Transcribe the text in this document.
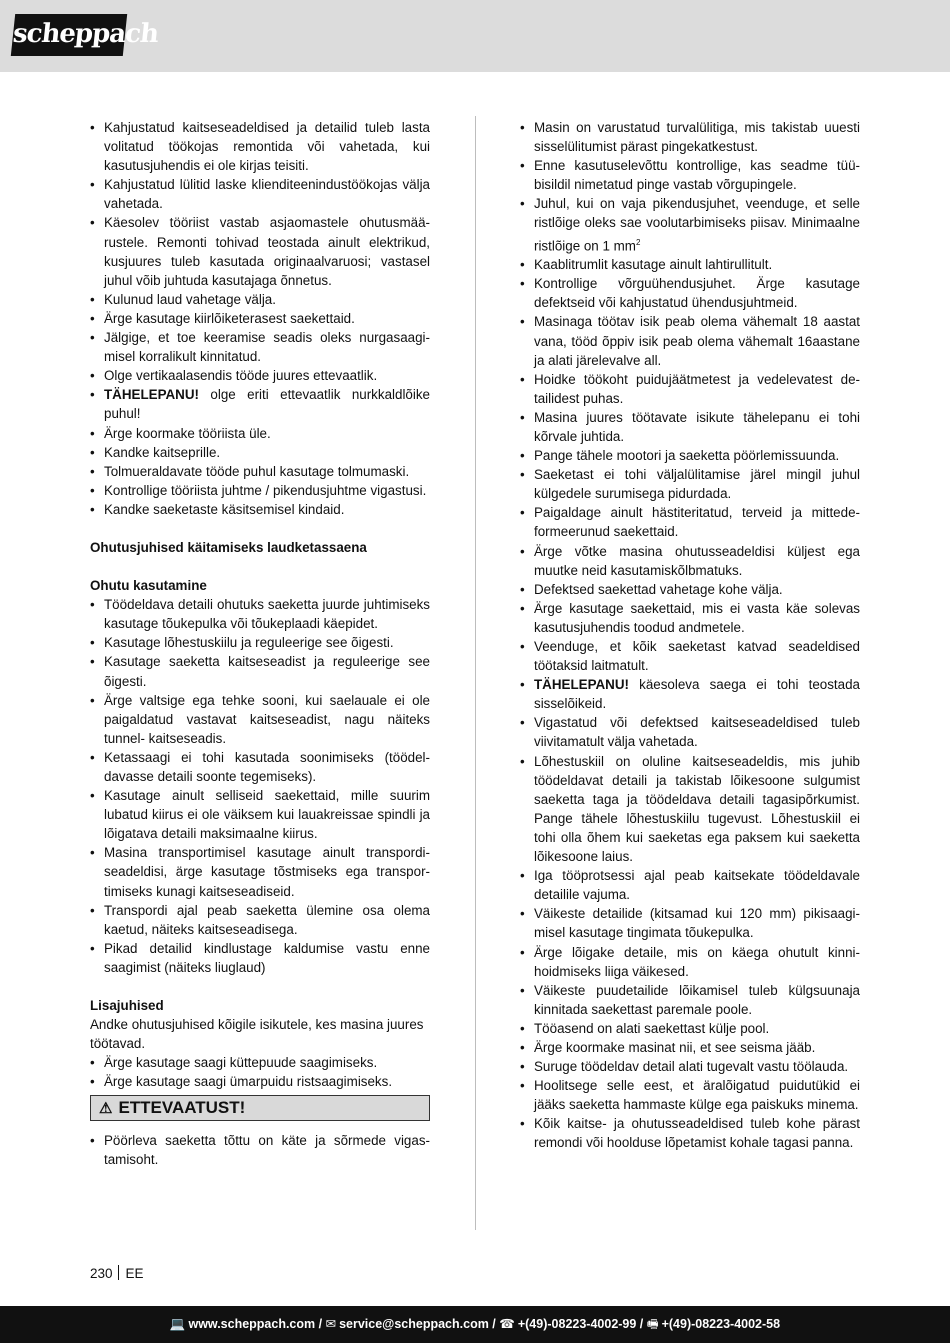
scheppach
• Kahjustatud kaitseseadeldised ja detailid tuleb lasta volitatud töökojas remontida või vahetada, kui kasutusjuhendis ei ole kirjas teisiti.
• Kahjustatud lülitid laske klienditeenindustöökojas välja vahetada.
• Käesolev tööriist vastab asjaomastele ohutusmäärustele. Remonti tohivad teostada ainult elektrikud, kusjuures tuleb kasutada originaalvaruosi; vastasel juhul võib juhtuda kasutajaga õnnetus.
• Kulunud laud vahetage välja.
• Ärge kasutage kiirlõiketerasest saekettaid.
• Jälgige, et toe keeramise seadis oleks nurgasaagimisel korralikult kinnitatud.
• Olge vertikaalasendis tööde juures ettevaatlik.
• TÄHELEPANU! olge eriti ettevaatlik nurkkaldlõike puhul!
• Ärge koormake tööriista üle.
• Kandke kaitseprille.
• Tolmueraldavate tööde puhul kasutage tolmumaski.
• Kontrollige tööriista juhtme / pikendusjuhtme vigastusi.
• Kandke saeketaste käsitsemisel kindaid.

Ohutusjuhised käitamiseks laudketassaena

Ohutu kasutamine

• Töödeldava detaili ohutuks saeketta juurde juhtimiseks kasutage tõukepulka või tõukeplaadi käepidet.
• Kasutage lõhestuskiilu ja reguleerige see õigesti.
• Kasutage saeketta kaitseseadist ja reguleerige see õigesti.
• Ärge valtsige ega tehke sooni, kui saelauale ei ole paigaldatud vastavat kaitseseadist, nagu näiteks tunnel- kaitseseadis.
• Ketassaagi ei tohi kasutada soonimiseks (töödeldavasse detaili soonte tegemiseks).
• Kasutage ainult selliseid saekettaid, mille suurim lubatud kiirus ei ole väiksem kui lauakreissae spindli ja lõigatava detaili maksimaalne kiirus.
• Masina transportimisel kasutage ainult transpordiseadeldisi, ärge kasutage tõstmiseks ega transportimiseks kunagi kaitseseadiseid.
• Transpordi ajal peab saeketta ülemine osa olema kaetud, näiteks kaitseseadisega.
• Pikad detailid kindlustage kaldumise vastu enne saagimist (näiteks liuglaud)

Lisajuhised

Andke ohutusjuhised kõigile isikutele, kes masina juures töötavad.

• Ärge kasutage saagi küttepuude saagimiseks.
• Ärge kasutage saagi ümarpuidu ristsaagimiseks.
⚠ ETTEVAATUST!
• Pöörleva saeketta tõttu on käte ja sõrmede vigastamisoht.
• Masin on varustatud turvalülitiga, mis takistab uuesti sisselülitumist pärast pingekatkestust.
• Enne kasutuselevõttu kontrollige, kas seadme tüübisildil nimetatud pinge vastab võrgupingele.
• Juhul, kui on vaja pikendusjuhet, veenduge, et selle ristlõige oleks sae voolutarbimiseks piisav. Minimaalne ristlõige on 1 $mm^2$
• Kaablitrumlit kasutage ainult lahtirullitult.
• Kontrollige võrguühendusjuhet. Ärge kasutage defektseid või kahjustatud ühendusjuhtmeid.
• Masinaga töötav isik peab olema vähemalt 18 aastat vana, tööd õppiv isik peab olema vähemalt 16aastane ja alati järelevalve all.
• Hoidke töökoht puidujäätmetest ja vedelevatest detailidest puhas.
• Masina juures töötavate isikute tähelepanu ei tohi kõrvale juhtida.
• Pange tähele mootori ja saeketta pöörlemissuunda.
• Saeketast ei tohi väljalülitamise järel mingil juhul külgedele surumisega pidurdada.
• Paigaldage ainult hästiteritatud, terveid ja mittedeformeerunud saekettaid.
• Ärge võtke masina ohutusseadeldisi küljest ega muutke neid kasutamiskõlbmatuks.
• Defektsed saekettad vahetage kohe välja.
• Ärge kasutage saekettaid, mis ei vasta käe solevas kasutusjuhendis toodud andmetele.
• Veenduge, et kõik saeketast katvad seadeldised töötaksid laitmatult.
• TÄHELEPANU! käesoleva saega ei tohi teostada sisselõikeid.
• Vigastatud või defektsed kaitseseadeldised tuleb viivitamatult välja vahetada.
• Lõhestuskiil on oluline kaitseseadeldis, mis juhib töödeldavat detaili ja takistab lõikesoone sulgumist saeketta taga ja töödeldava detaili tagasipõrkumist. Pange tähele lõhestuskiilu tugevust. Lõhestuskiil ei tohi olla õhem kui saeketas ega paksem kui saeketta lõikesoone laius.
• Iga tööprotsessi ajal peab kaitsekate töödeldavale detailile vajuma.
• Väikeste detailide (kitsamad kui 120 mm) pikisaagimisel kasutage tingimata tõukepulka.
• Ärge lõigake detaile, mis on käega ohutult kinnihoidmiseks liiga väikesed.
• Väikeste puudetailide lõikamisel tuleb külgsuunaja kinnitada saekettast paremale poole.
• Tööasend on alati saekettast külje pool.
• Ärge koormake masinat nii, et see seisma jääb.
• Suruge töödeldav detail alati tugevalt vastu töölauda.
• Hoolitsege selle eest, et äralõigatud puidutükid ei jääks saeketta hammaste külge ega paiskuks minema.
• Kõik kaitse- ja ohutusseadeldised tuleb kohe pärast remondi või hoolduse lõpetamist kohale tagasi panna.
230 EE
💻 www.scheppach.com / ✉ service@scheppach.com / ☎ +(49)-08223-4002-99 / 🖷 +(49)-08223-4002-58
